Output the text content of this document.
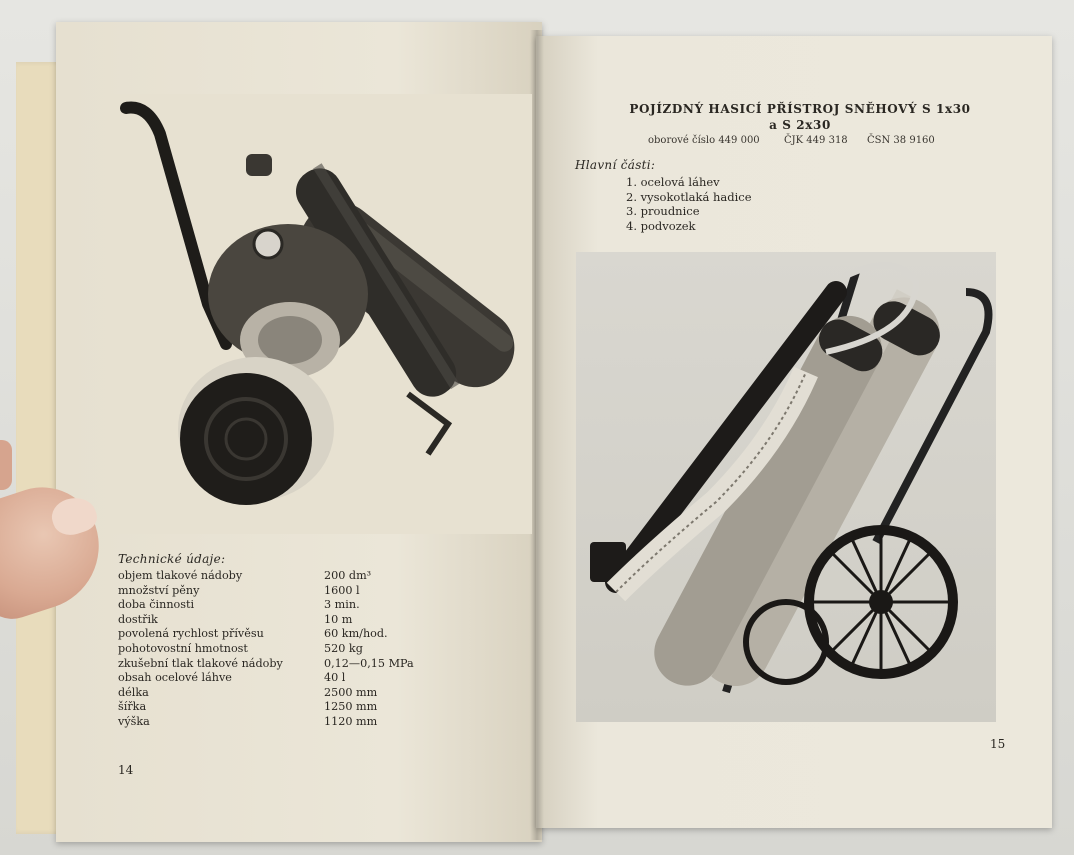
Technické údaje:
objem tlakové nádoby	200 dm³
množství pěny	1600 l
doba činnosti	3 min.
dostřik	10 m
povolená rychlost přívěsu	60 km/hod.
pohotovostní hmotnost	520 kg
zkušební tlak tlakové nádoby	0,12—0,15 MPa
obsah ocelové láhve	40 l
délka	2500 mm
šířka	1250 mm
výška	1120 mm
14
POJÍZDNÝ HASICÍ PŘÍSTROJ SNĚHOVÝ S 1x30
a S 2x30
oborové číslo 449 000 ČJK 449 318 ČSN 38 9160
Hlavní části:
1. ocelová láhev
2. vysokotlaká hadice
3. proudnice
4. podvozek
15
